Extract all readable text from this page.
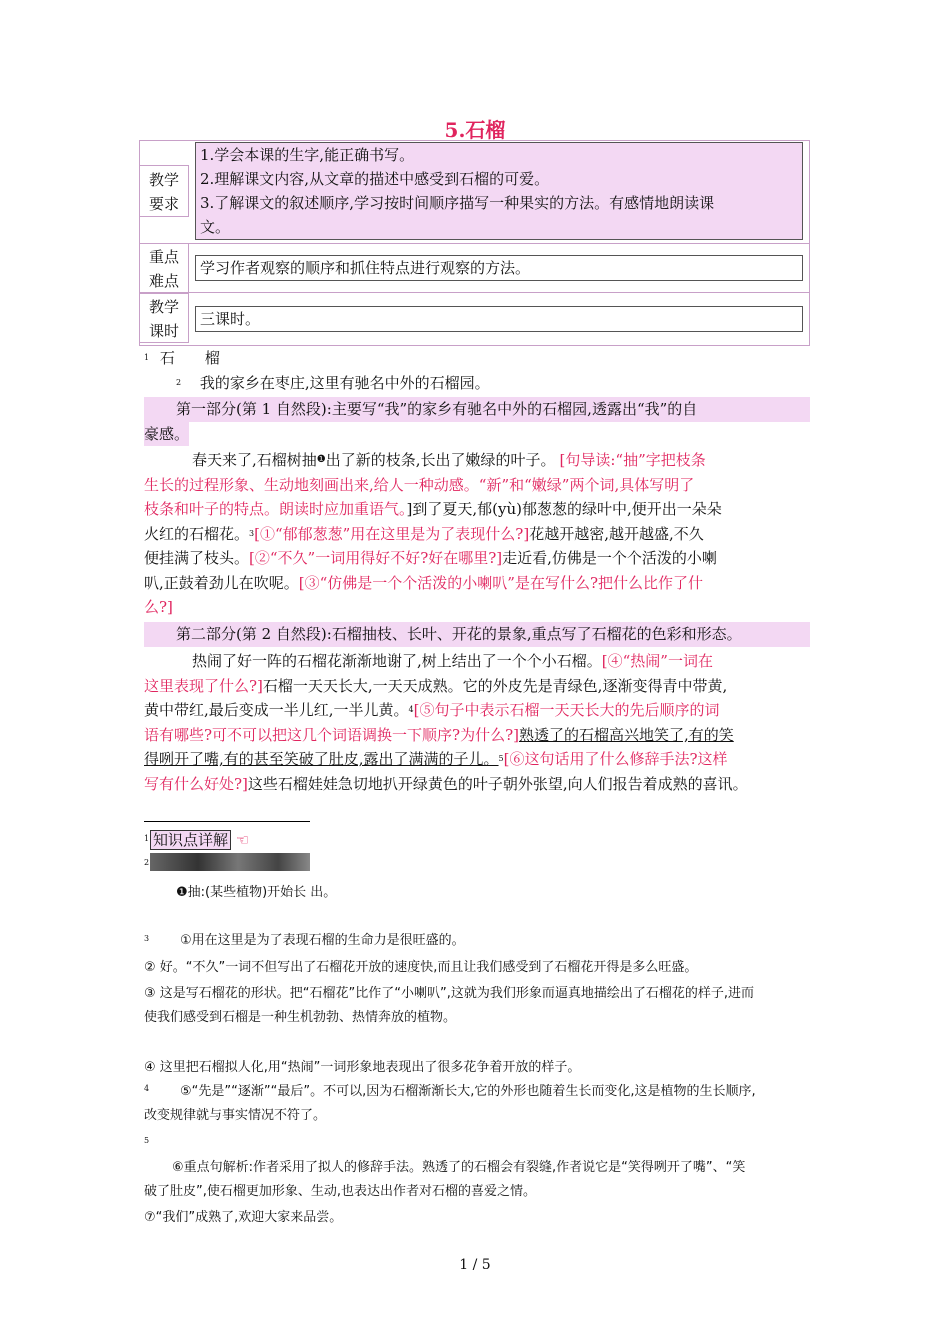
5.石榴
教学
要求
1.学会本课的生字,能正确书写。
2.理解课文内容,从文章的描述中感受到石榴的可爱。
3.了解课文的叙述顺序,学习按时间顺序描写一种果实的方法。有感情地朗读课
文。
重点
难点
学习作者观察的顺序和抓住特点进行观察的方法。
教学
课时
三课时。
$^1$ 石　　榴
$^2$ 我的家乡在枣庄,这里有驰名中外的石榴园。
第一部分(第 1 自然段):主要写“我”的家乡有驰名中外的石榴园,透露出“我”的自
豪感。
春天来了,石榴树抽$^❶$出了新的枝条,长出了嫩绿的叶子。 [句导读:“抽”字把枝条
生长的过程形象、生动地刻画出来,给人一种动感。“新”和“嫩绿”两个词,具体写明了
枝条和叶子的特点。朗读时应加重语气。]到了夏天,郁(yù)郁葱葱的绿叶中,便开出一朵朵
火红的石榴花。$^3$[①“郁郁葱葱”用在这里是为了表现什么?]花越开越密,越开越盛,不久
便挂满了枝头。[②“不久”一词用得好不好?好在哪里?]走近看,仿佛是一个个活泼的小喇
叭,正鼓着劲儿在吹呢。[③“仿佛是一个个活泼的小喇叭”是在写什么?把什么比作了什
么?]
第二部分(第 2 自然段):石榴抽枝、长叶、开花的景象,重点写了石榴花的色彩和形态。
热闹了好一阵的石榴花渐渐地谢了,树上结出了一个个小石榴。[④“热闹”一词在
这里表现了什么?]石榴一天天长大,一天天成熟。它的外皮先是青绿色,逐渐变得青中带黄,
黄中带红,最后变成一半儿红,一半儿黄。$^4$[⑤句子中表示石榴一天天长大的先后顺序的词
语有哪些?可不可以把这几个词语调换一下顺序?为什么?]熟透了的石榴高兴地笑了,有的笑
得咧开了嘴,有的甚至笑破了肚皮,露出了满满的子儿。$^5$[⑥这句话用了什么修辞手法?这样
写有什么好处?]这些石榴娃娃急切地扒开绿黄色的叶子朝外张望,向人们报告着成熟的喜讯。
1 知识点详解 ☜
2
❶抽:(某些植物)开始长 出。
3 ①用在这里是为了表现石榴的生命力是很旺盛的。
② 好。“不久”一词不但写出了石榴花开放的速度快,而且让我们感受到了石榴花开得是多么旺盛。
③ 这是写石榴花的形状。把“石榴花”比作了“小喇叭”,这就为我们形象而逼真地描绘出了石榴花的样子,进而
使我们感受到石榴是一种生机勃勃、热情奔放的植物。
④ 这里把石榴拟人化,用“热闹”一词形象地表现出了很多花争着开放的样子。
4	⑤“先是”“逐渐”“最后”。不可以,因为石榴渐渐长大,它的外形也随着生长而变化,这是植物的生长顺序,
改变规律就与事实情况不符了。
5
⑥重点句解析:作者采用了拟人的修辞手法。熟透了的石榴会有裂缝,作者说它是“笑得咧开了嘴”、“笑
破了肚皮”,使石榴更加形象、生动,也表达出作者对石榴的喜爱之情。
⑦“我们”成熟了,欢迎大家来品尝。
1 / 5
